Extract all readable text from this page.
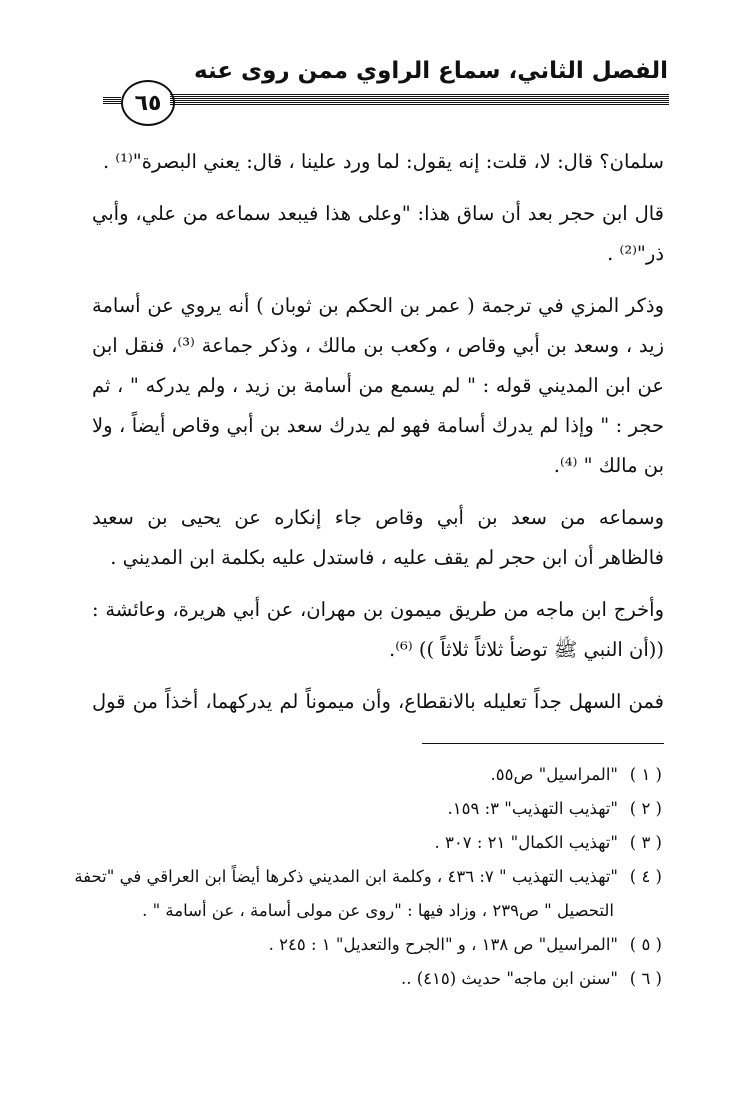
الفصل الثاني، سماع الراوي ممن روى عنه
٦٥
سلمان؟ قال: لا، قلت: إنه يقول: لما ورد علينا ، قال: يعني البصرة"⁽¹⁾ .
قال ابن حجر بعد أن ساق هذا: "وعلى هذا فيبعد سماعه من علي، وأبي
ذر"⁽²⁾ .
وذكر المزي في ترجمة ( عمر بن الحكم بن ثوبان ) أنه يروي عن أسامة
زيد ، وسعد بن أبي وقاص ، وكعب بن مالك ، وذكر جماعة ⁽³⁾، فنقل ابن
عن ابن المديني قوله : " لم يسمع من أسامة بن زيد ، ولم يدركه " ، ثم
حجر : " وإذا لم يدرك أسامة فهو لم يدرك سعد بن أبي وقاص أيضاً ، ولا
بن مالك " ⁽⁴⁾.
وسماعه من سعد بن أبي وقاص جاء إنكاره عن يحيى بن سعيد
فالظاهر أن ابن حجر لم يقف عليه ، فاستدل عليه بكلمة ابن المديني .
وأخرج ابن ماجه من طريق ميمون بن مهران، عن أبي هريرة، وعائشة :
((أن النبي ﷺ توضأ ثلاثاً ثلاثاً )) ⁽⁶⁾.
فمن السهل جداً تعليله بالانقطاع، وأن ميموناً لم يدركهما، أخذاً من قول
( ١ )"المراسيل" ص٥٥.
( ٢ )"تهذيب التهذيب" ٣: ١٥٩.
( ٣ )"تهذيب الكمال" ٢١ : ٣٠٧ .
( ٤ )"تهذيب التهذيب " ٧: ٤٣٦ ، وكلمة ابن المديني ذكرها أيضاً ابن العراقي في "تحفة
التحصيل " ص٢٣٩ ، وزاد فيها : "روى عن مولى أسامة ، عن أسامة " .
( ٥ )"المراسيل" ص ١٣٨ ، و "الجرح والتعديل" ١ : ٢٤٥ .
( ٦ )"سنن ابن ماجه" حديث (٤١٥) ..
